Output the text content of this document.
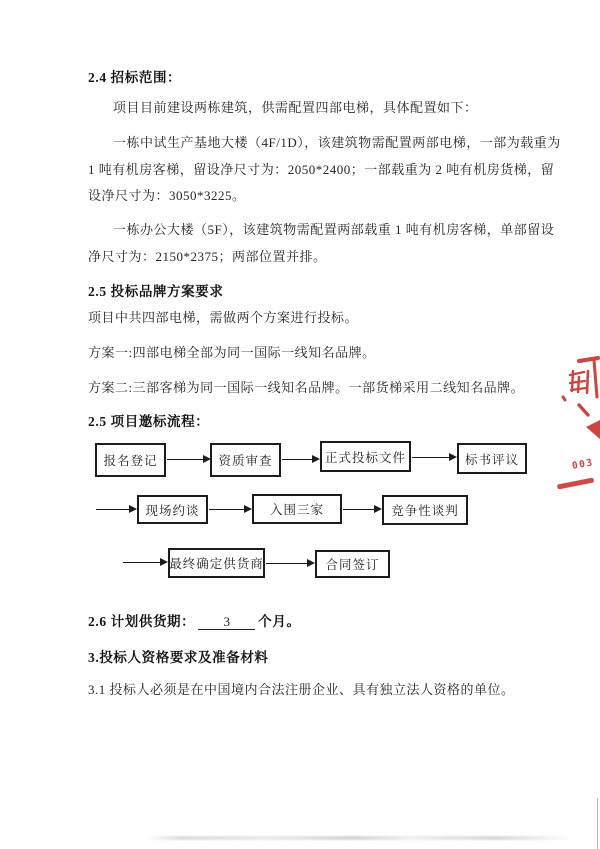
2.4 招标范围：
项目目前建设两栋建筑，供需配置四部电梯，具体配置如下：
一栋中试生产基地大楼（4F/1D），该建筑物需配置两部电梯，一部为载重为
1 吨有机房客梯，留设净尺寸为：2050*2400；一部载重为 2 吨有机房货梯，留
设净尺寸为：3050*3225。
一栋办公大楼（5F），该建筑物需配置两部载重 1 吨有机房客梯，单部留设
净尺寸为：2150*2375；两部位置并排。
2.5 投标品牌方案要求
项目中共四部电梯，需做两个方案进行投标。
方案一:四部电梯全部为同一国际一线知名品牌。
方案二:三部客梯为同一国际一线知名品牌。一部货梯采用二线知名品牌。
2.5 项目邀标流程：
报名登记	资质审查	正式投标文件	标书评议
现场约谈	入围三家	竞争性谈判
最终确定供货商	合同签订
2.6 计划供货期： 3 个月。
3.投标人资格要求及准备材料
3.1 投标人必须是在中国境内合法注册企业、具有独立法人资格的单位。
003
